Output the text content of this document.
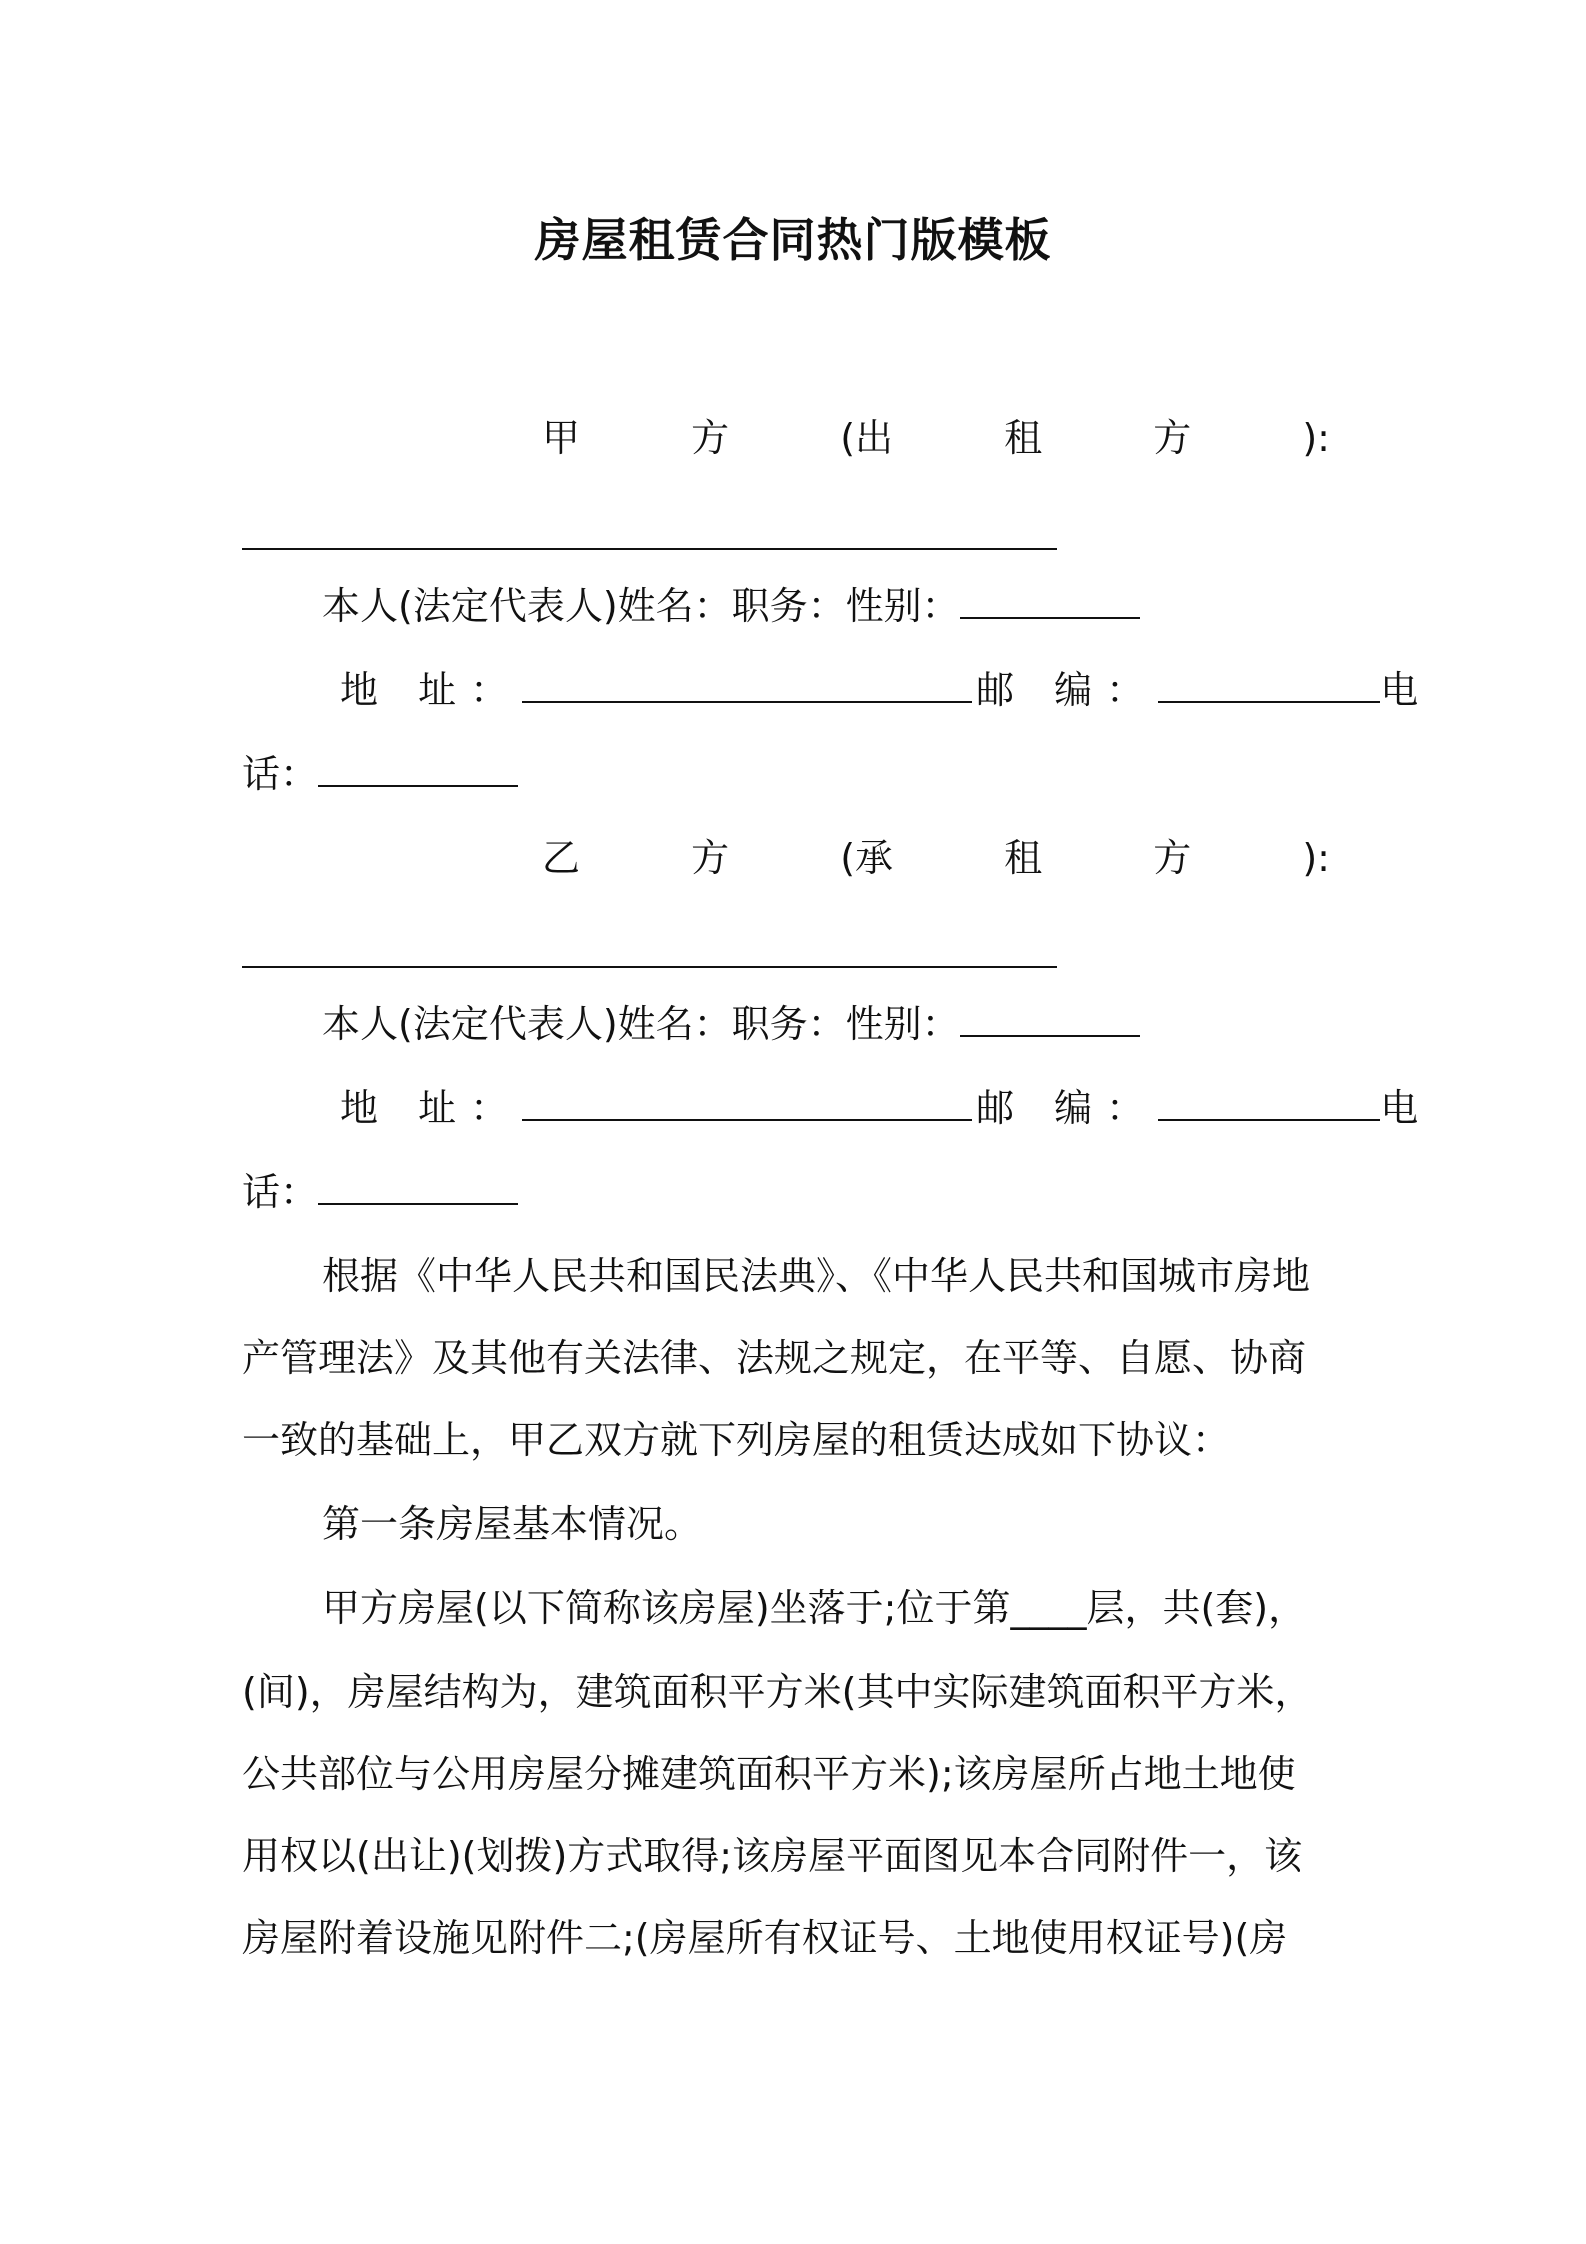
房屋租赁合同热门版模板
甲	方	(出	租	方	):
本人(法定代表人)姓名：职务：性别：
地 址：	邮 编：	电
话：
乙	方	(承	租	方	):
本人(法定代表人)姓名：职务：性别：
地 址：	邮 编：	电
话：
根据《中华人民共和国民法典》、《中华人民共和国城市房地
产管理法》及其他有关法律、法规之规定，在平等、自愿、协商
一致的基础上，甲乙双方就下列房屋的租赁达成如下协议：
第一条房屋基本情况。
甲方房屋(以下简称该房屋)坐落于;位于第____层，共(套)，
(间)，房屋结构为，建筑面积平方米(其中实际建筑面积平方米，
公共部位与公用房屋分摊建筑面积平方米);该房屋所占地土地使
用权以(出让)(划拨)方式取得;该房屋平面图见本合同附件一，该
房屋附着设施见附件二;(房屋所有权证号、土地使用权证号)(房
